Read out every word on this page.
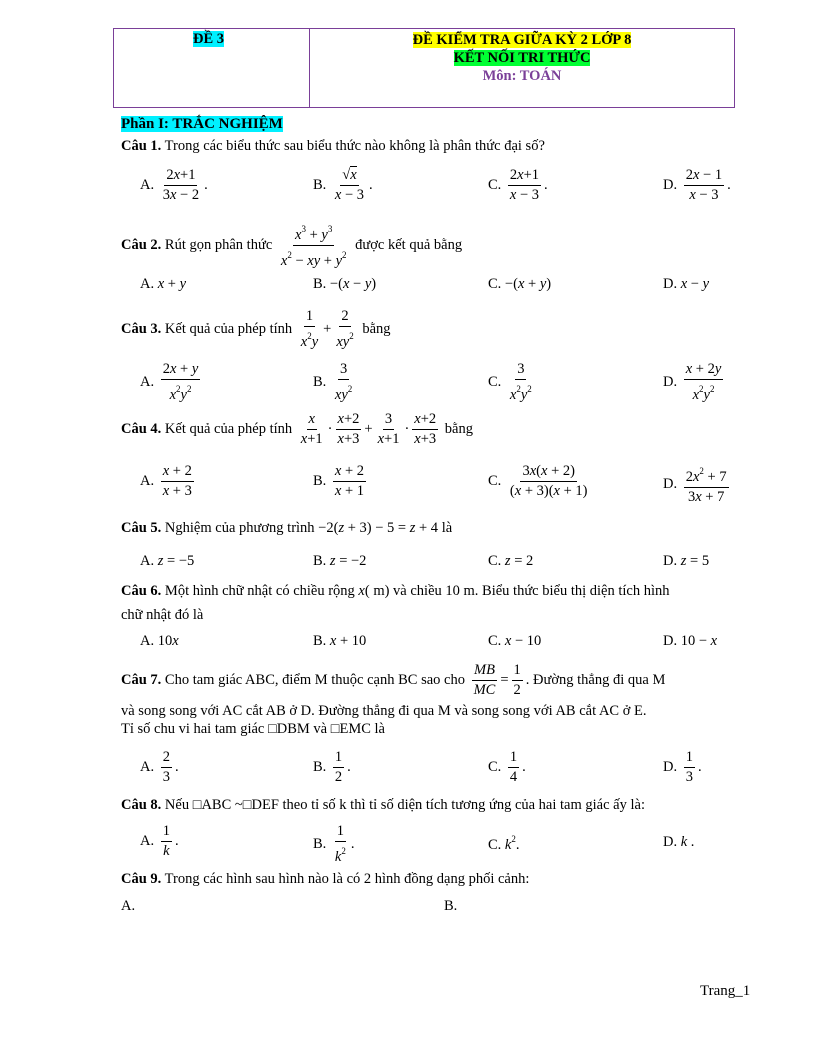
ĐỀ 3	ĐỀ KIỂM TRA GIỮA KỲ 2 LỚP 8
KẾT NỐI TRI THỨC
Môn: TOÁN
Phần I: TRẮC NGHIỆM
Câu 1. Trong các biểu thức sau biểu thức nào không là phân thức đại số?
A. $\frac{2x+1}{3x - 2}$ .	B. $\frac{√x}{x - 3}$ .	C. $\frac{2x+1}{x - 3}$ .	D. $\frac{2x - 1}{x - 3}$ .
Câu 2. Rút gọn phân thức $\frac{x^3 + y^3}{x^2 - xy + y^2}$ được kết quả bằng
A. x + y	B. −(x − y)	C. −(x + y)	D. x − y
Câu 3. Kết quả của phép tính $\frac{1}{x^2y} + \frac{2}{xy^2}$ bằng
A. $\frac{2x + y}{x^2y^2}$	B. $\frac{3}{xy^2}$	C. $\frac{3}{x^2y^2}$	D. $\frac{x + 2y}{x^2y^2}$
Câu 4. Kết quả của phép tính $\frac{x}{x+1} \cdot \frac{x+2}{x+3} + \frac{3}{x+1} \cdot \frac{x+2}{x+3}$ bằng
A. $\frac{x + 2}{x + 3}$	B. $\frac{x + 2}{x + 1}$	C. $\frac{3x(x + 2)}{(x + 3)(x + 1)}$	D. $\frac{2x^2 + 7}{3x + 7}$
Câu 5. Nghiệm của phương trình −2(z + 3) − 5 = z + 4 là
A. z = −5	B. z = −2	C. z = 2	D. z = 5
Câu 6. Một hình chữ nhật có chiều rộng x( m) và chiều 10 m. Biểu thức biểu thị diện tích hình
chữ nhật đó là
A. 10x	B. x + 10	C. x − 10	D. 10 − x
Câu 7. Cho tam giác ABC, điểm M thuộc cạnh BC sao cho $\frac{MB}{MC} = \frac{1}{2}$ . Đường thẳng đi qua M
và song song với AC cắt AB ở D. Đường thẳng đi qua M và song song với AB cắt AC ở E.
Tỉ số chu vi hai tam giác □DBM và □EMC là
A. $\frac{2}{3}$ .	B. $\frac{1}{2}$ .	C. $\frac{1}{4}$ .	D. $\frac{1}{3}$ .
Câu 8. Nếu □ABC ~□DEF theo tỉ số k thì tỉ số diện tích tương ứng của hai tam giác ấy là:
A. $\frac{1}{k}$ .	B. $\frac{1}{k^2}$ .	C. $k^2$.	D. k .
Câu 9. Trong các hình sau hình nào là có 2 hình đồng dạng phối cảnh:
A.	B.
Trang_1
